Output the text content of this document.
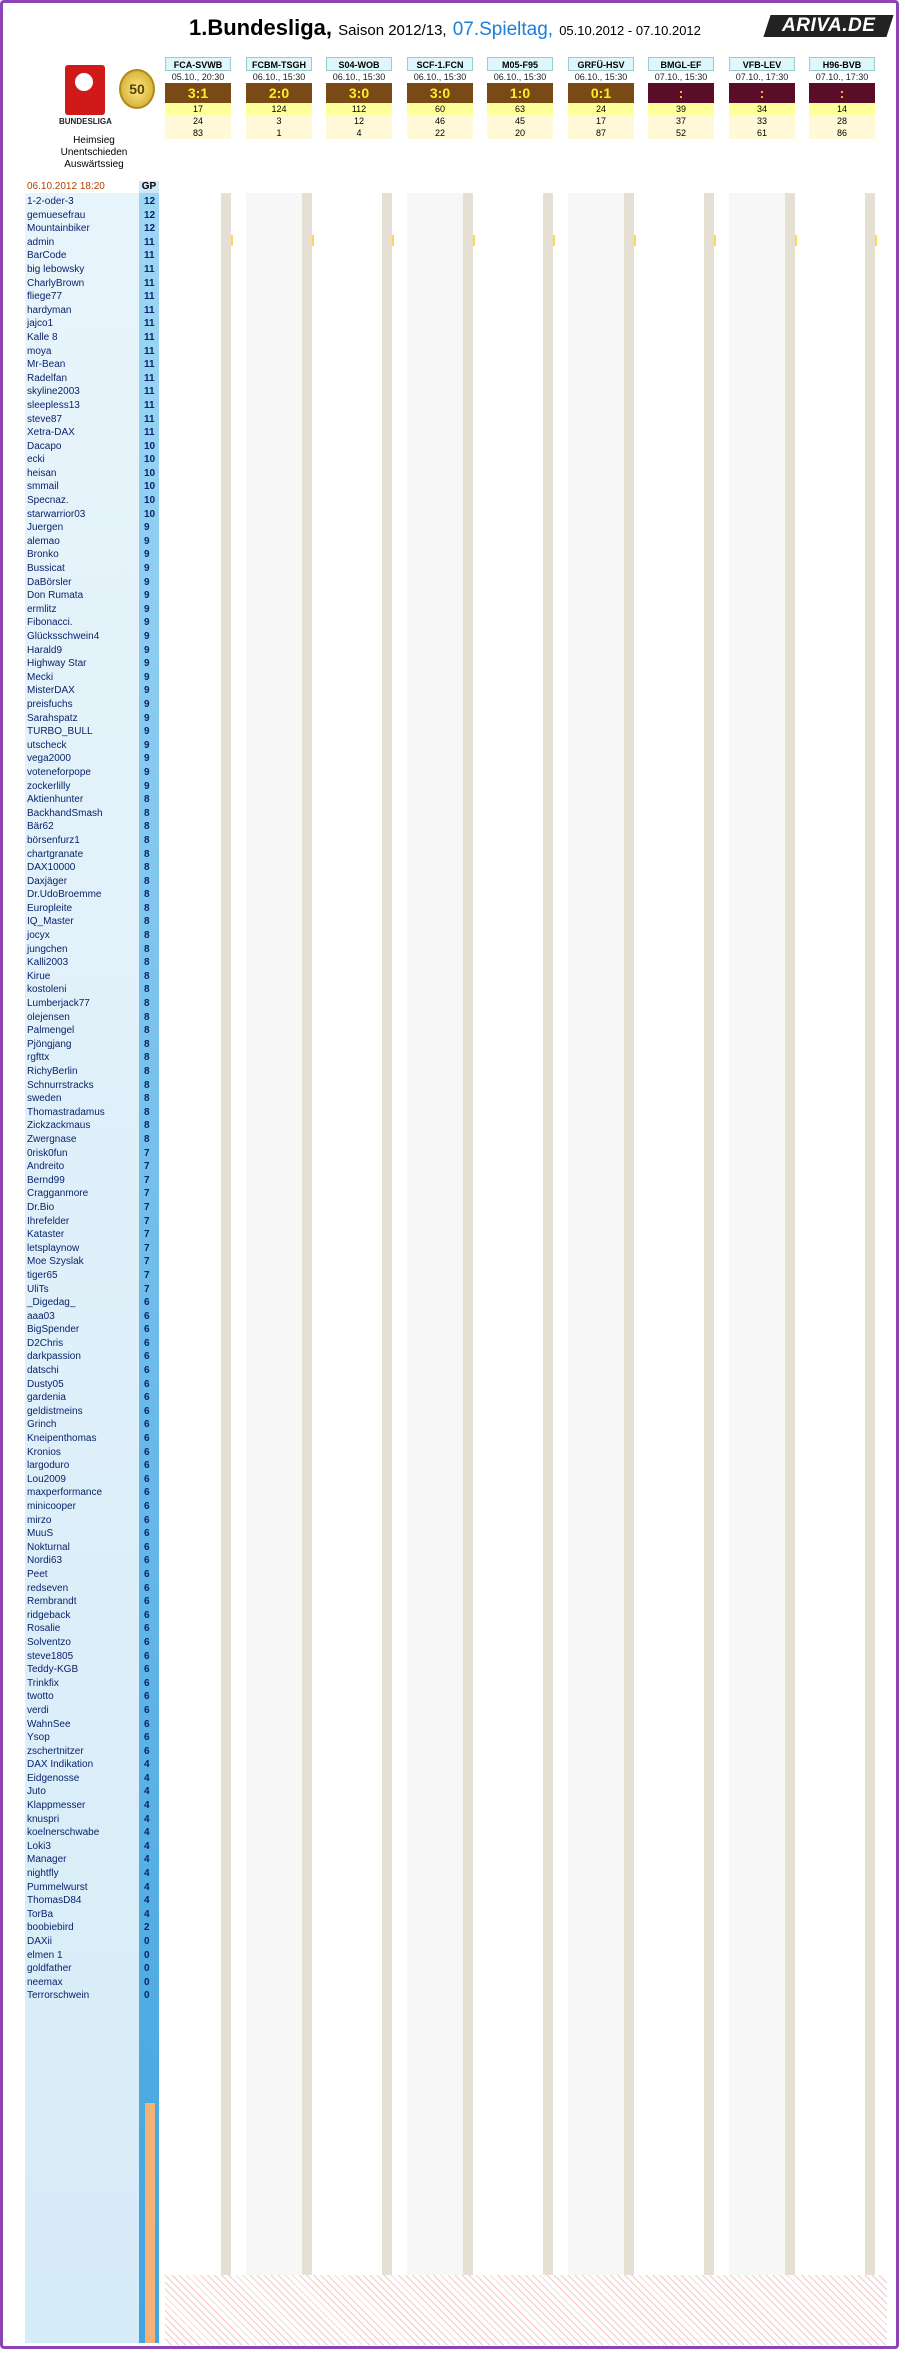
1.Bundesliga, Saison 2012/13, 07.Spieltag, 05.10.2012 - 07.10.2012	ARIVA.DE
BUNDESLIGA
50
Heimsieg
Unentschieden
Auswärtssieg
06.10.2012 18:20	GP
FCA-SVWB
05.10., 20:30
3:1
17
24
83
FCBM-TSGH
06.10., 15:30
2:0
124
3
1
S04-WOB
06.10., 15:30
3:0
112
12
4
SCF-1.FCN
06.10., 15:30
3:0
60
46
22
M05-F95
06.10., 15:30
1:0
63
45
20
GRFÜ-HSV
06.10., 15:30
0:1
24
17
87
BMGL-EF
07.10., 15:30
:
39
37
52
VFB-LEV
07.10., 17:30
:
34
33
61
H96-BVB
07.10., 17:30
:
14
28
86
1-2-oder-3
gemuesefrau
Mountainbiker
admin
BarCode
big lebowsky
CharlyBrown
fliege77
hardyman
jajco1
Kalle 8
moya
Mr-Bean
Radelfan
skyline2003
sleepless13
steve87
Xetra-DAX
Dacapo
ecki
heisan
smmail
Specnaz.
starwarrior03
Juergen
alemao
Bronko
Bussicat
DaBörsler
Don Rumata
ermlitz
Fibonacci.
Glücksschwein4
Harald9
Highway Star
Mecki
MisterDAX
preisfuchs
Sarahspatz
TURBO_BULL
utscheck
vega2000
voteneforpope
zockerlilly
Aktienhunter
BackhandSmash
Bär62
börsenfurz1
chartgranate
DAX10000
Daxjäger
Dr.UdoBroemme
Europleite
IQ_Master
jocyx
jungchen
Kalli2003
Kirue
kostoleni
Lumberjack77
olejensen
Palmengel
Pjöngjang
rgfttx
RichyBerlin
Schnurrstracks
sweden
Thomastradamus
Zickzackmaus
Zwergnase
0risk0fun
Andreito
Bernd99
Cragganmore
Dr.Bio
Ihrefelder
Kataster
letsplaynow
Moe Szyslak
tiger65
UliTs
_Digedag_
aaa03
BigSpender
D2Chris
darkpassion
datschi
Dusty05
gardenia
geldistmeins
Grinch
Kneipenthomas
Kronios
largoduro
Lou2009
maxperformance
minicooper
mirzo
MuuS
Nokturnal
Nordi63
Peet
redseven
Rembrandt
ridgeback
Rosalie
Solventzo
steve1805
Teddy-KGB
Trinkfix
twotto
verdi
WahnSee
Ysop
zschertnitzer
DAX Indikation
Eidgenosse
Juto
Klappmesser
knuspri
koelnerschwabe
Loki3
Manager
nightfly
Pummelwurst
ThomasD84
TorBa
boobiebird
DAXii
elmen 1
goldfather
neemax
Terrorschwein
12
12
12
11
11
11
11
11
11
11
11
11
11
11
11
11
11
11
10
10
10
10
10
10
9
9
9
9
9
9
9
9
9
9
9
9
9
9
9
9
9
9
9
9
8
8
8
8
8
8
8
8
8
8
8
8
8
8
8
8
8
8
8
8
8
8
8
8
8
8
7
7
7
7
7
7
7
7
7
7
7
6
6
6
6
6
6
6
6
6
6
6
6
6
6
6
6
6
6
6
6
6
6
6
6
6
6
6
6
6
6
6
6
6
6
4
4
4
4
4
4
4
4
4
4
4
4
2
0
0
0
0
0
